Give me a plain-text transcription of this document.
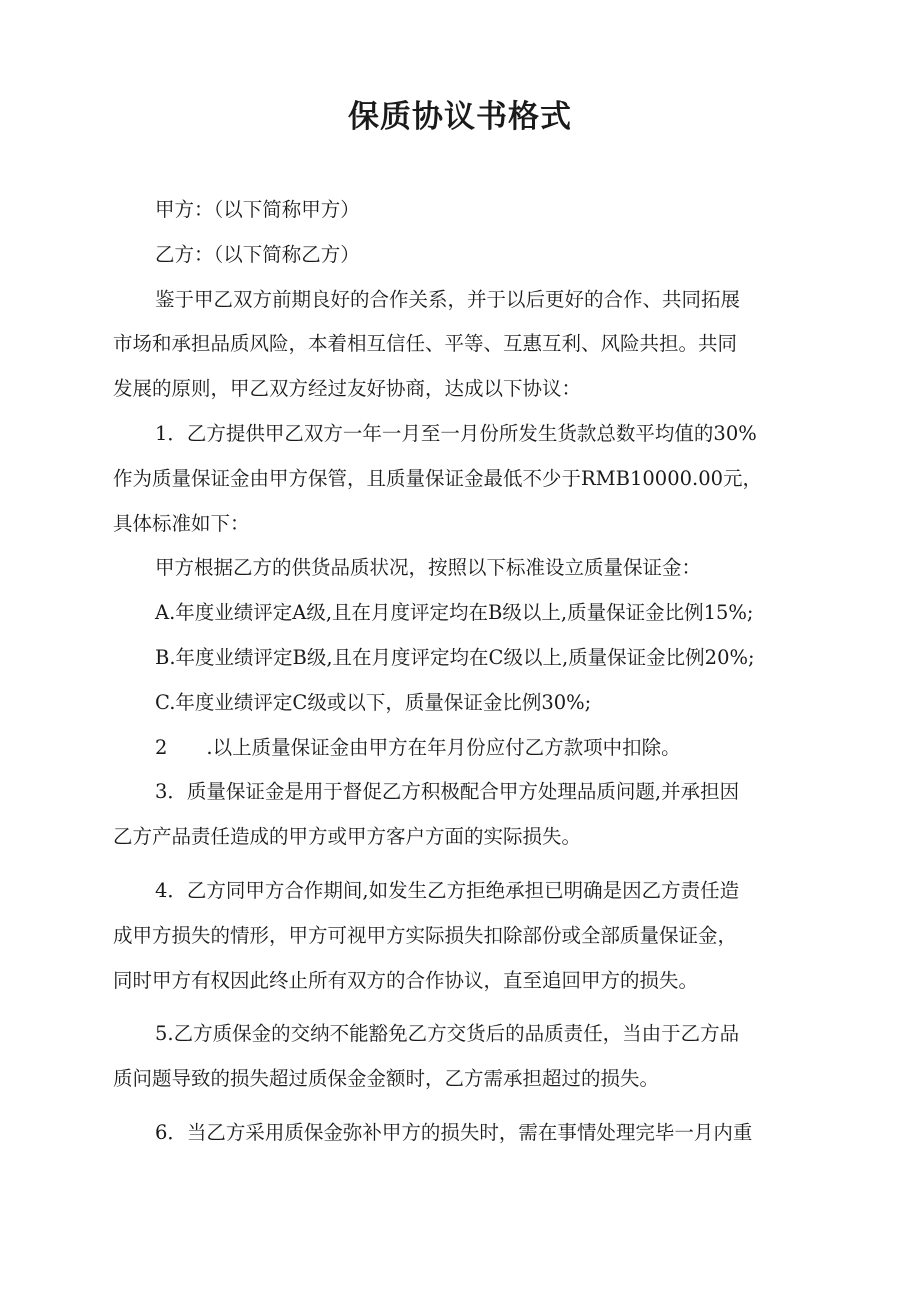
保质协议书格式
甲方：（以下简称甲方）
乙方：（以下简称乙方）
鉴于甲乙双方前期良好的合作关系，并于以后更好的合作、共同拓展
市场和承担品质风险，本着相互信任、平等、互惠互利、风险共担。共同
发展的原则，甲乙双方经过友好协商，达成以下协议：
1．乙方提供甲乙双方一年一月至一月份所发生货款总数平均值的30%
作为质量保证金由甲方保管，且质量保证金最低不少于RMB10000.00元，
具体标准如下：
甲方根据乙方的供货品质状况，按照以下标准设立质量保证金：
A.年度业绩评定A级,且在月度评定均在B级以上,质量保证金比例15%;
B.年度业绩评定B级,且在月度评定均在C级以上,质量保证金比例20%;
C.年度业绩评定C级或以下，质量保证金比例30%;
2　　.以上质量保证金由甲方在年月份应付乙方款项中扣除。
3．质量保证金是用于督促乙方积极配合甲方处理品质问题,并承担因
乙方产品责任造成的甲方或甲方客户方面的实际损失。
4．乙方同甲方合作期间,如发生乙方拒绝承担已明确是因乙方责任造
成甲方损失的情形，甲方可视甲方实际损失扣除部份或全部质量保证金，
同时甲方有权因此终止所有双方的合作协议，直至追回甲方的损失。
5.乙方质保金的交纳不能豁免乙方交货后的品质责任，当由于乙方品
质问题导致的损失超过质保金金额时，乙方需承担超过的损失。
6．当乙方采用质保金弥补甲方的损失时，需在事情处理完毕一月内重
